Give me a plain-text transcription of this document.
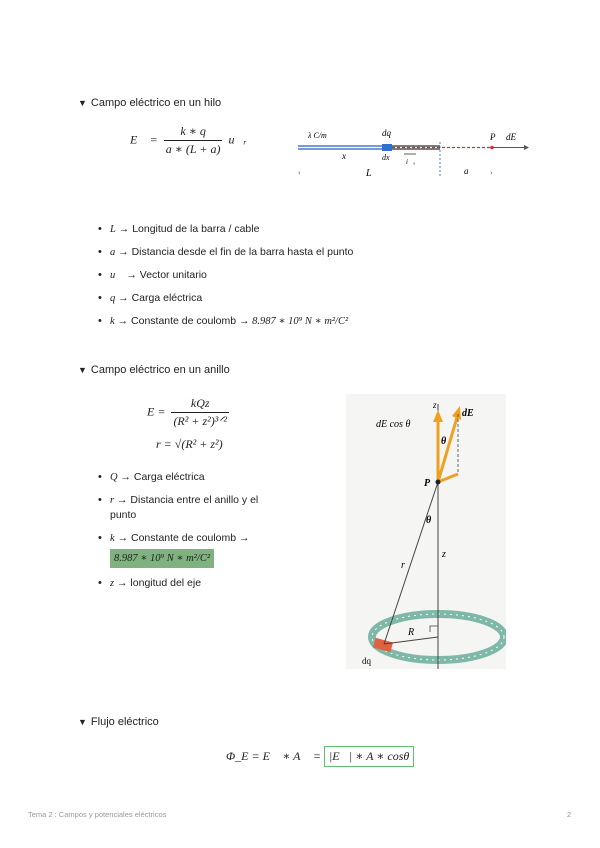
▼ Campo eléctrico en un hilo
E⃗ = $\frac{k ∗ q}{a ∗ (L + a)}$ u⃗ᵣ	λ C/m	dq	P dE⃗
x	dx i⃗ₓ
‹	L	a	›
• L → Longitud de la barra / cable
• a → Distancia desde el fin de la barra hasta el punto
• u⃗ → Vector unitario
• q → Carga eléctrica
• k → Constante de coulomb → 8.987 ∗ 10⁹ N ∗ m²/C²
▼ Campo eléctrico en un anillo
$E = \frac{\text{kQz}}{\text{(R² + z²)³ᐟ²}}$
r = √(R² + z²)
• Q → Carga eléctrica
• r → Distancia entre el anillo y el punto
• k → Constante de coulomb →
8.987 ∗ 10⁹ N ∗ m²/C²
• z → longitud del eje
z
dE cos θ
dE⃗
θ
P
θ
r
z
R
dq
▼ Flujo eléctrico
Φ_E = E⃗ ∗ A⃗ = |E⃗| ∗ A ∗ cosθ
Tema 2 : Campos y potenciales eléctricos	2
